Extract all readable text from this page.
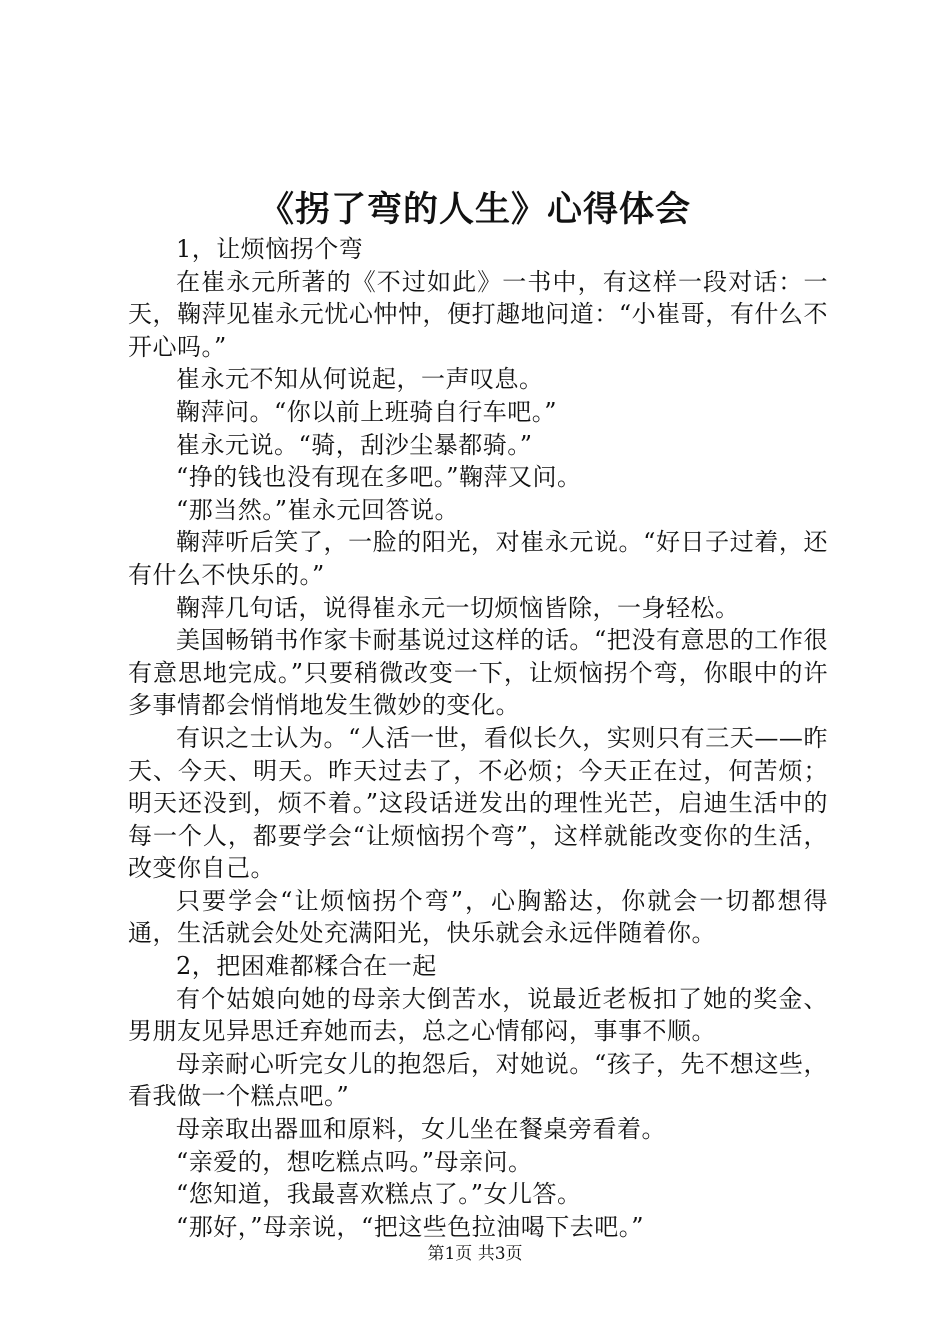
《拐了弯的人生》心得体会

1，让烦恼拐个弯

在崔永元所著的《不过如此》一书中，有这样一段对话：一天，鞠萍见崔永元忧心忡忡，便打趣地问道：“小崔哥，有什么不开心吗。”

崔永元不知从何说起，一声叹息。

鞠萍问。“你以前上班骑自行车吧。”

崔永元说。“骑，刮沙尘暴都骑。”

“挣的钱也没有现在多吧。”鞠萍又问。

“那当然。”崔永元回答说。

鞠萍听后笑了，一脸的阳光，对崔永元说。“好日子过着，还有什么不快乐的。”

鞠萍几句话，说得崔永元一切烦恼皆除，一身轻松。

美国畅销书作家卡耐基说过这样的话。“把没有意思的工作很有意思地完成。”只要稍微改变一下，让烦恼拐个弯，你眼中的许多事情都会悄悄地发生微妙的变化。

有识之士认为。“人活一世，看似长久，实则只有三天——昨天、今天、明天。昨天过去了，不必烦；今天正在过，何苦烦；明天还没到，烦不着。”这段话迸发出的理性光芒，启迪生活中的每一个人，都要学会“让烦恼拐个弯”，这样就能改变你的生活，改变你自己。

只要学会“让烦恼拐个弯”，心胸豁达，你就会一切都想得通，生活就会处处充满阳光，快乐就会永远伴随着你。

2，把困难都糅合在一起

有个姑娘向她的母亲大倒苦水，说最近老板扣了她的奖金、男朋友见异思迁弃她而去，总之心情郁闷，事事不顺。

母亲耐心听完女儿的抱怨后，对她说。“孩子，先不想这些，看我做一个糕点吧。”

母亲取出器皿和原料，女儿坐在餐桌旁看着。

“亲爱的，想吃糕点吗。”母亲问。

“您知道，我最喜欢糕点了。”女儿答。

“那好，”母亲说，“把这些色拉油喝下去吧。”

第1页 共3页
